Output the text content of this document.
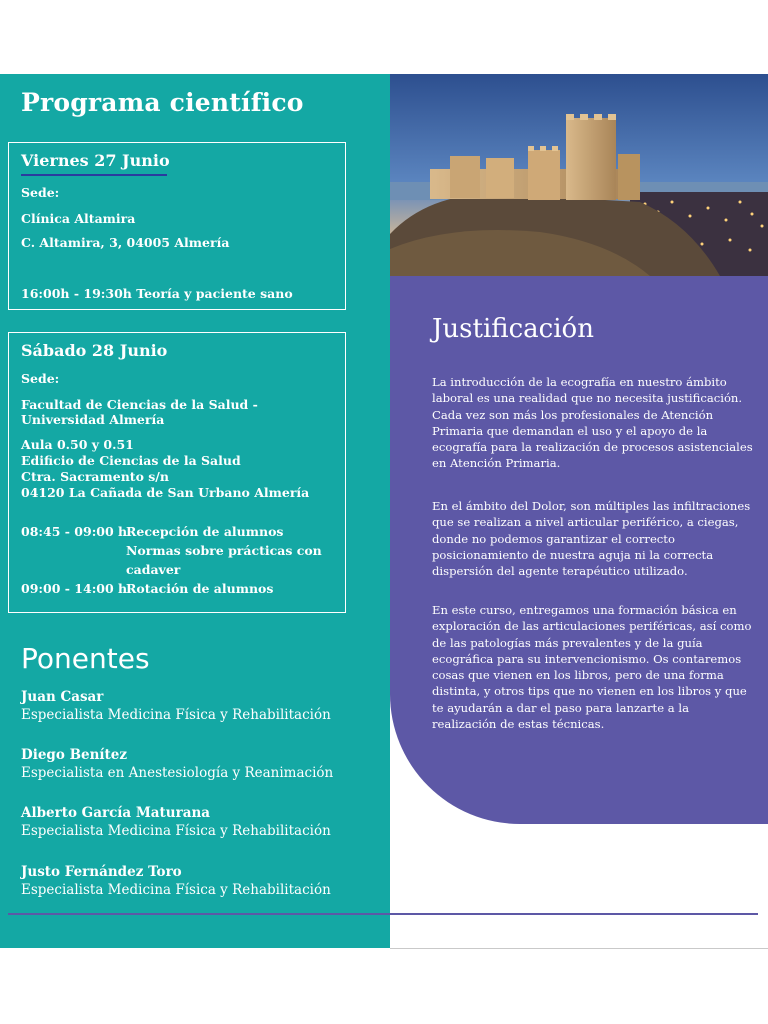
Programa científico
Viernes 27 Junio
Sede:
Clínica Altamira
C. Altamira, 3, 04005 Almería
16:00h - 19:30h Teoría y paciente sano
Sábado 28 Junio
Sede:
Facultad de Ciencias de la Salud - Universidad Almería
Aula 0.50 y 0.51
Edificio de Ciencias de la Salud
Ctra. Sacramento s/n
04120 La Cañada de San Urbano Almería
08:45 - 09:00 h
Recepción de alumnos
Normas sobre prácticas con cadaver
09:00 - 14:00 h
Rotación de alumnos
Ponentes
Juan Casar
Especialista Medicina Física y Rehabilitación
Diego Benítez
Especialista en Anestesiología y Reanimación
Alberto García Maturana
Especialista Medicina Física y Rehabilitación
Justo Fernández Toro
Especialista Medicina Física y Rehabilitación
Justificación

La introducción de la ecografía en nuestro ámbito laboral es una realidad que no necesita justificación. Cada vez son más los profesionales de Atención Primaria que demandan el uso y el apoyo de la ecografía para la realización de procesos asistenciales en Atención Primaria.

En el ámbito del Dolor, son múltiples las infiltraciones que se realizan a nivel articular periférico, a ciegas, donde no podemos garantizar el correcto posicionamiento de nuestra aguja ni la correcta dispersión del agente terapéutico utilizado.

En este curso, entregamos una formación básica en exploración de las articulaciones periféricas, así como de las patologías más prevalentes y de la guía ecográfica para su intervencionismo. Os contaremos cosas que vienen en los libros, pero de una forma distinta, y otros tips que no vienen en los libros y que te ayudarán a dar el paso para lanzarte a la realización de estas técnicas.
